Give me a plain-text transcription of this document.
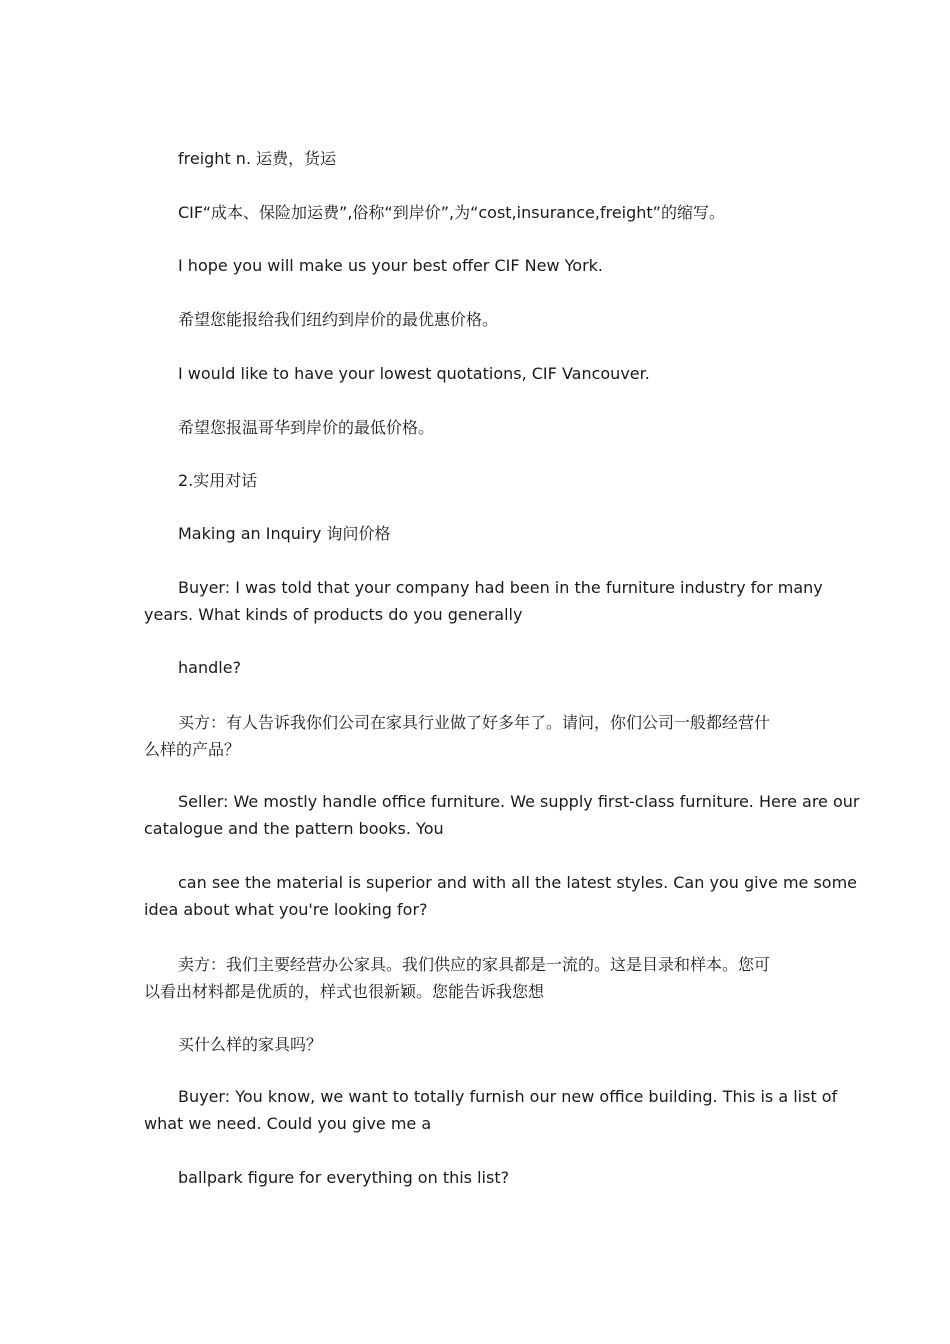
freight n. 运费，货运
CIF“成本、保险加运费”,俗称“到岸价”,为“cost,insurance,freight”的缩写。
I hope you will make us your best offer CIF New York.
希望您能报给我们纽约到岸价的最优惠价格。
I would like to have your lowest quotations, CIF Vancouver.
希望您报温哥华到岸价的最低价格。
2.实用对话
Making an Inquiry 询问价格
Buyer: I was told that your company had been in the furniture industry for many
years. What kinds of products do you generally
handle?
买方：有人告诉我你们公司在家具行业做了好多年了。请问，你们公司一般都经营什
么样的产品？
Seller: We mostly handle office furniture. We supply first-class furniture. Here are our
catalogue and the pattern books. You
can see the material is superior and with all the latest styles. Can you give me some
idea about what you're looking for?
卖方：我们主要经营办公家具。我们供应的家具都是一流的。这是目录和样本。您可
以看出材料都是优质的，样式也很新颖。您能告诉我您想
买什么样的家具吗？
Buyer: You know, we want to totally furnish our new office building. This is a list of
what we need. Could you give me a
ballpark figure for everything on this list?
